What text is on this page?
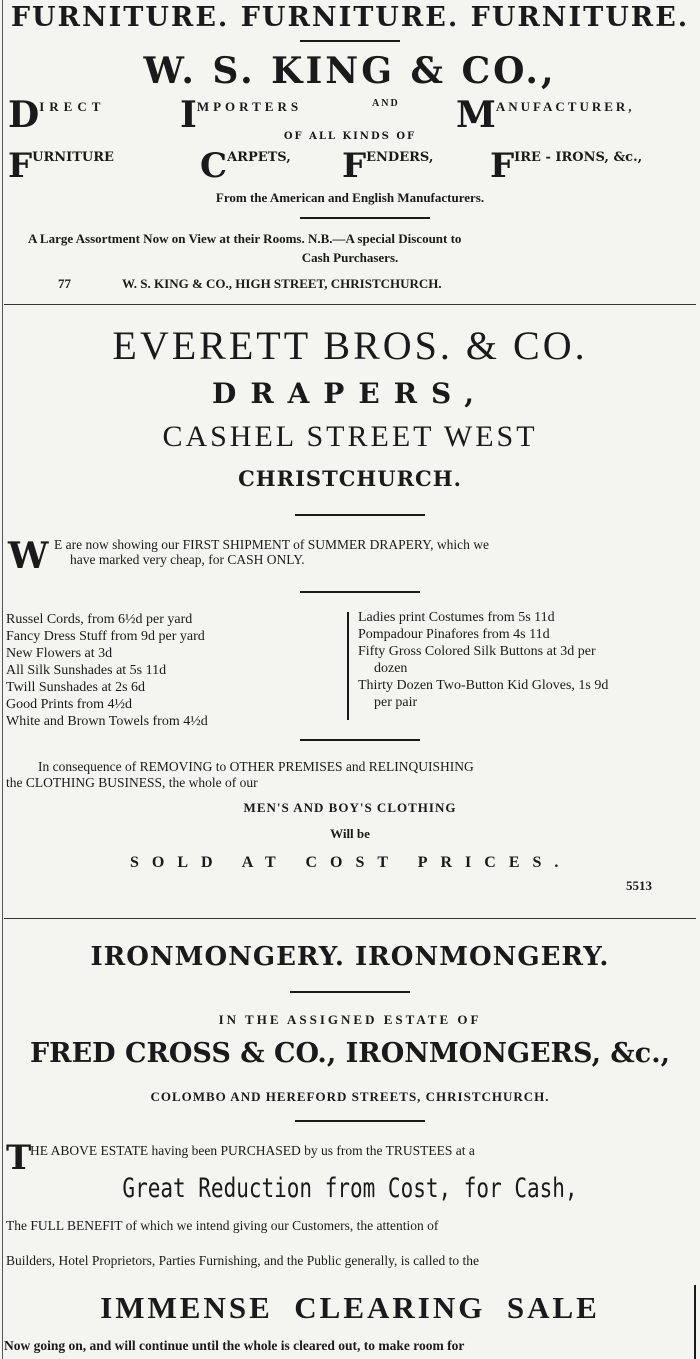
FURNITURE. FURNITURE. FURNITURE.
W. S. KING & CO.,
DIRECT $I^{MPORTERS}$	AND $M^{ANUFACTURER,}$
OF ALL KINDS OF
$F^{URNITURE}$	$C^{ARPETS,}$ $F^{ENDERS,}$ $F^{IRE - IRONS, \&c.,}$
From the American and English Manufacturers.
A Large Assortment Now on View at their Rooms. N.B.—A special Discount to
Cash Purchasers.
77	W. S. KING & CO., HIGH STREET, CHRISTCHURCH.
EVERETT BROS. & CO.
DRAPERS,
CASHEL STREET WEST
CHRISTCHURCH.
W E are now showing our FIRST SHIPMENT of SUMMER DRAPERY, which we
have marked very cheap, for CASH ONLY.
Russel Cords, from 6½d per yard
Fancy Dress Stuff from 9d per yard
New Flowers at 3d
All Silk Sunshades at 5s 11d
Twill Sunshades at 2s 6d
Good Prints from 4½d
White and Brown Towels from 4½d
Ladies print Costumes from 5s 11d
Pompadour Pinafores from 4s 11d
Fifty Gross Colored Silk Buttons at 3d per
dozen
Thirty Dozen Two-Button Kid Gloves, 1s 9d
per pair
In consequence of REMOVING to OTHER PREMISES and RELINQUISHING
the CLOTHING BUSINESS, the whole of our
MEN'S AND BOY'S CLOTHING
Will be
SOLD AT COST PRICES.
5513
IRONMONGERY. IRONMONGERY.
IN THE ASSIGNED ESTATE OF
FRED CROSS & CO., IRONMONGERS, &c.,
COLOMBO AND HEREFORD STREETS, CHRISTCHURCH.
T
HE ABOVE ESTATE having been PURCHASED by us from the TRUSTEES at a
Great Reduction from Cost, for Cash,
The FULL BENEFIT of which we intend giving our Customers, the attention of
Builders, Hotel Proprietors, Parties Furnishing, and the Public generally, is called to the
IMMENSE  CLEARING  SALE
Now going on, and will continue until the whole is cleared out, to make room for
